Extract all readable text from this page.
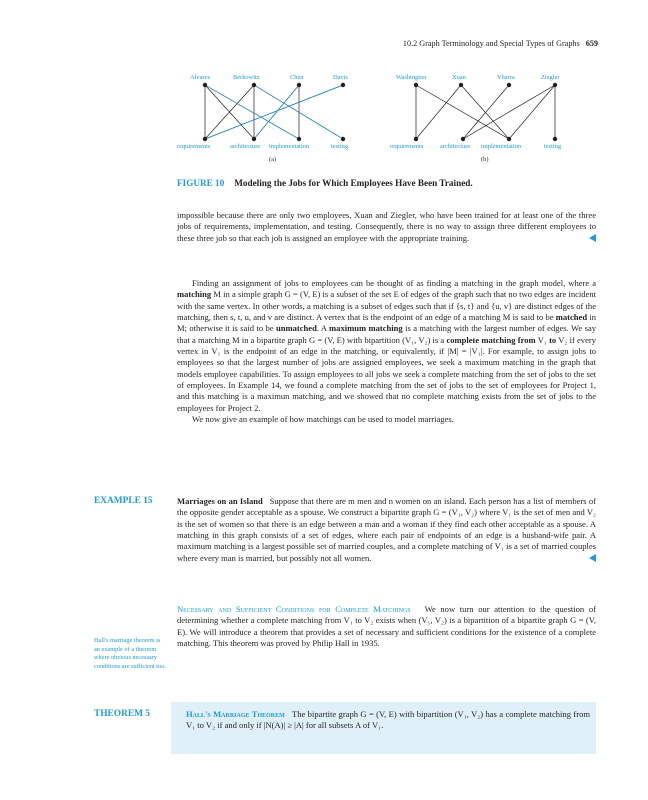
10.2 Graph Terminology and Special Types of Graphs 659
Alvarez	Berkowitz	Chen	Davis
requirements	architecture implementation	testing
(a)
Washington	Xuan	Ybarra	Ziegler
requirements	architecture implementation	testing
(b)
FIGURE 10 Modeling the Jobs for Which Employees Have Been Trained.

impossible because there are only two employees, Xuan and Ziegler, who have been trained for at least one of the three jobs of requirements, implementation, and testing. Consequently, there is no way to assign three different employees to these three job so that each job is assigned an employee with the appropriate training.

Finding an assignment of jobs to employees can be thought of as finding a matching in the graph model, where a matching M in a simple graph G = (V, E) is a subset of the set E of edges of the graph such that no two edges are incident with the same vertex. In other words, a matching is a subset of edges such that if {s, t} and {u, v} are distinct edges of the matching, then s, t, u, and v are distinct. A vertex that is the endpoint of an edge of a matching M is said to be matched in M; otherwise it is said to be unmatched. A maximum matching is a matching with the largest number of edges. We say that a matching M in a bipartite graph G = (V, E) with bipartition (V₁, V₂) is a complete matching from V₁ to V₂ if every vertex in V₁ is the endpoint of an edge in the matching, or equivalently, if |M| = |V₁|. For example, to assign jobs to employees so that the largest number of jobs are assigned employees, we seek a maximum matching in the graph that models employee capabilities. To assign employees to all jobs we seek a complete matching from the set of jobs to the set of employees. In Example 14, we found a complete matching from the set of jobs to the set of employees for Project 1, and this matching is a maximun matching, and we showed that no complete matching exists from the set of jobs to the employees for Project 2.

We now give an example of how matchings can be used to model marriages.

EXAMPLE 15	Marriages on an Island Suppose that there are m men and n women on an island. Each person has a list of members of the opposite gender acceptable as a spouse. We construct a bipartite graph G = (V₁, V₂) where V₁ is the set of men and V₂ is the set of women so that there is an edge between a man and a woman if they find each other acceptable as a spouse. A matching in this graph consists of a set of edges, where each pair of endpoints of an edge is a husband-wife pair. A maximum matching is a largest possible set of married couples, and a complete matching of V₁ is a set of married couples where every man is married, but possibly not all women.

Necessary and Sufficient Conditions for Complete Matchings We now turn our attention to the question of determining whether a complete matching from V₁ to V₂ exists when (V₁, V₂) is a bipartition of a bipartite graph G = (V, E). We will introduce a theorem that provides a set of necessary and sufficient conditions for the existence of a complete matching. This theorem was proved by Philip Hall in 1935.

Hall's marriage theorem is an example of a theorem where obvious necessary conditions are sufficient too.
THEOREM 5	Hall's Marriage Theorem The bipartite graph G = (V, E) with bipartition (V₁, V₂) has a complete matching from V₁ to V₂ if and only if |N(A)| ≥ |A| for all subsets A of V₁.
